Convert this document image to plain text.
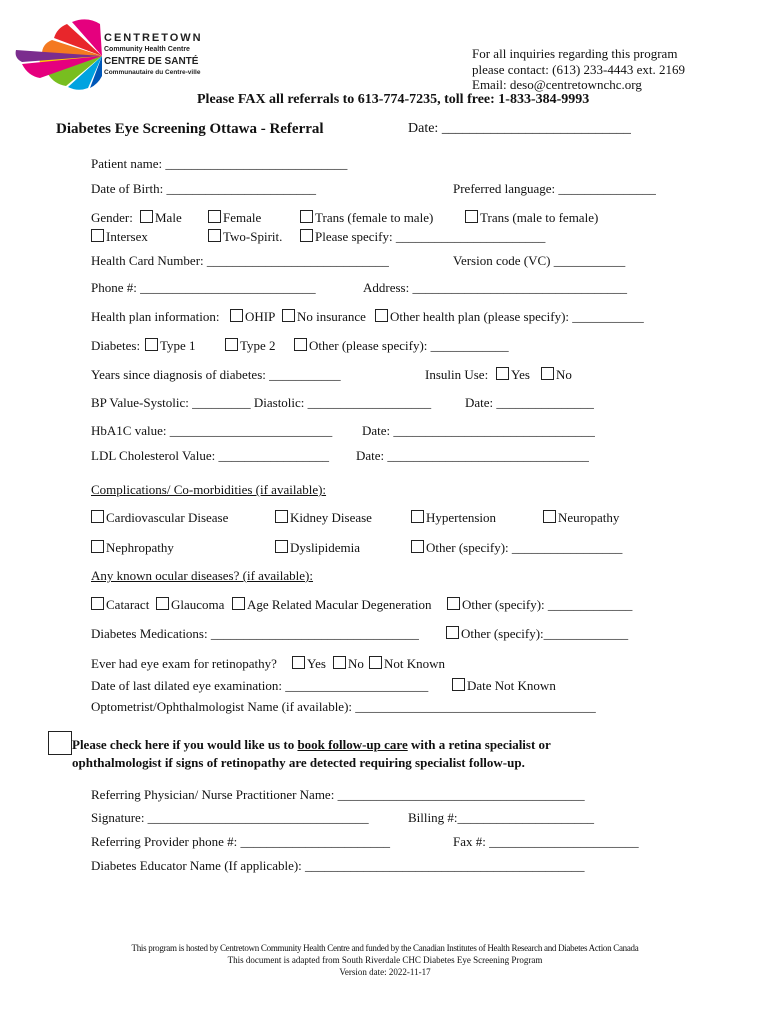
CENTRETOWN
Community Health Centre
CENTRE DE SANTÉ
Communautaire du Centre-ville
For all inquiries regarding this program
please contact: (613) 233-4443 ext. 2169
Email: deso@centretownchc.org
Please FAX all referrals to 613-774-7235, toll free: 1-833-384-9993
Diabetes Eye Screening Ottawa - Referral	Date: ___________________________
Patient name: ____________________________
Date of Birth: _______________________	Preferred language: _______________
Gender:	Male	Female	Trans (female to male)	Trans (male to female)
Intersex	Two-Spirit.	Please specify: _______________________
Health Card Number: ____________________________	Version code (VC) ___________
Phone #: ___________________________	Address: _________________________________
Health plan information:	OHIP	No insurance	Other health plan (please specify): ___________
Diabetes:	Type 1	Type 2	Other (please specify): ____________
Years since diagnosis of diabetes: ___________	Insulin Use:	Yes	No
BP Value-Systolic: _________ Diastolic: ___________________	Date: _______________
HbA1C value: _________________________ Date: _______________________________
LDL Cholesterol Value: _________________ Date: _______________________________
Complications/ Co-morbidities (if available):
Cardiovascular Disease	Kidney Disease	Hypertension	Neuropathy
Nephropathy	Dyslipidemia	Other (specify): _________________
Any known ocular diseases? (if available):
Cataract	Glaucoma	Age Related Macular Degeneration	Other (specify): _____________
Diabetes Medications: ________________________________	Other (specify):_____________
Ever had eye exam for retinopathy?	Yes	No	Not Known
Date of last dilated eye examination: ______________________	Date Not Known
Optometrist/Ophthalmologist Name (if available): _____________________________________
Please check here if you would like us to book follow-up care with a retina specialist or
ophthalmologist if signs of retinopathy are detected requiring specialist follow-up.
Referring Physician/ Nurse Practitioner Name: ______________________________________
Signature: __________________________________	Billing #:_____________________
Referring Provider phone #: _______________________	Fax #: _______________________
Diabetes Educator Name (If applicable): ___________________________________________
This program is hosted by Centretown Community Health Centre and funded by the Canadian Institutes of Health Research and Diabetes Action Canada
This document is adapted from South Riverdale CHC Diabetes Eye Screening Program
Version date: 2022-11-17
